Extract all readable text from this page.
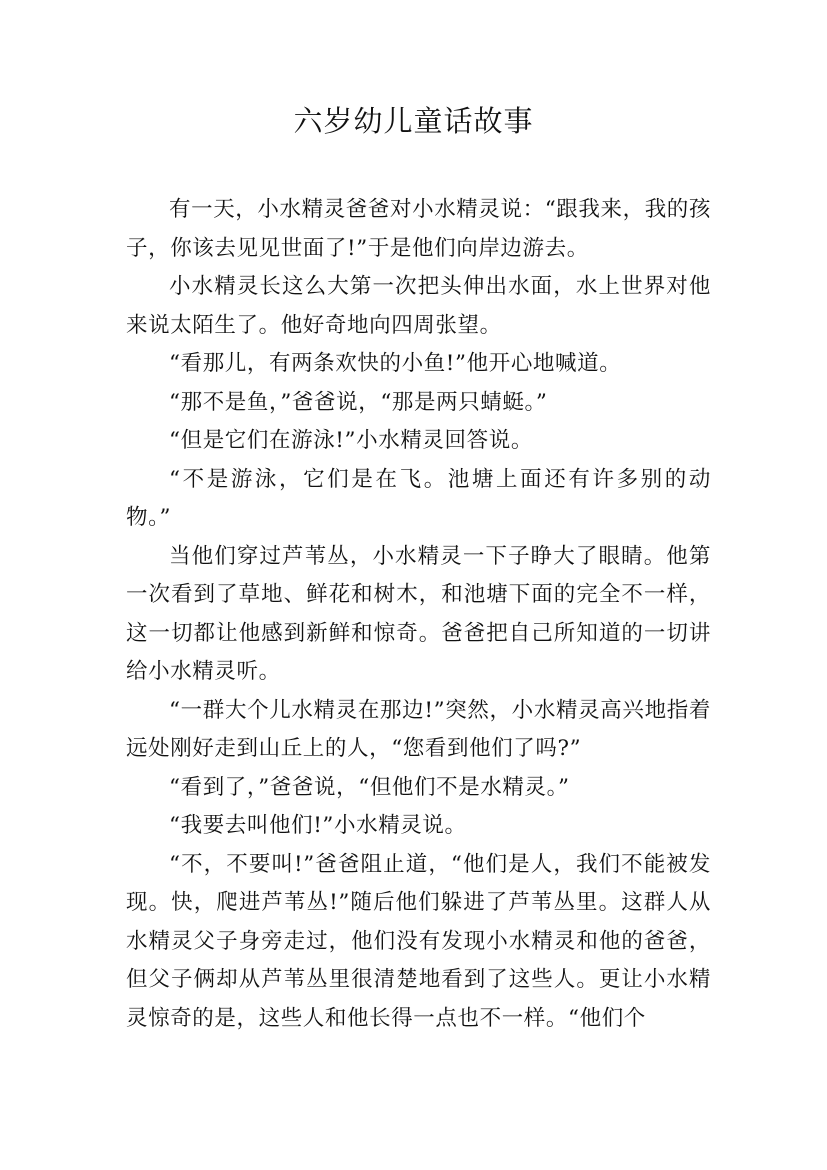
六岁幼儿童话故事

有一天，小水精灵爸爸对小水精灵说：“跟我来，我的孩子，你该去见见世面了!”于是他们向岸边游去。

小水精灵长这么大第一次把头伸出水面，水上世界对他来说太陌生了。他好奇地向四周张望。

“看那儿，有两条欢快的小鱼!”他开心地喊道。

“那不是鱼，”爸爸说，“那是两只蜻蜓。”

“但是它们在游泳!”小水精灵回答说。

“不是游泳，它们是在飞。池塘上面还有许多别的动物。”

当他们穿过芦苇丛，小水精灵一下子睁大了眼睛。他第一次看到了草地、鲜花和树木，和池塘下面的完全不一样，这一切都让他感到新鲜和惊奇。爸爸把自己所知道的一切讲给小水精灵听。

“一群大个儿水精灵在那边!”突然，小水精灵高兴地指着远处刚好走到山丘上的人，“您看到他们了吗?”

“看到了，”爸爸说，“但他们不是水精灵。”

“我要去叫他们!”小水精灵说。

“不，不要叫!”爸爸阻止道，“他们是人，我们不能被发现。快，爬进芦苇丛!”随后他们躲进了芦苇丛里。这群人从水精灵父子身旁走过，他们没有发现小水精灵和他的爸爸，但父子俩却从芦苇丛里很清楚地看到了这些人。更让小水精灵惊奇的是，这些人和他长得一点也不一样。“他们个
